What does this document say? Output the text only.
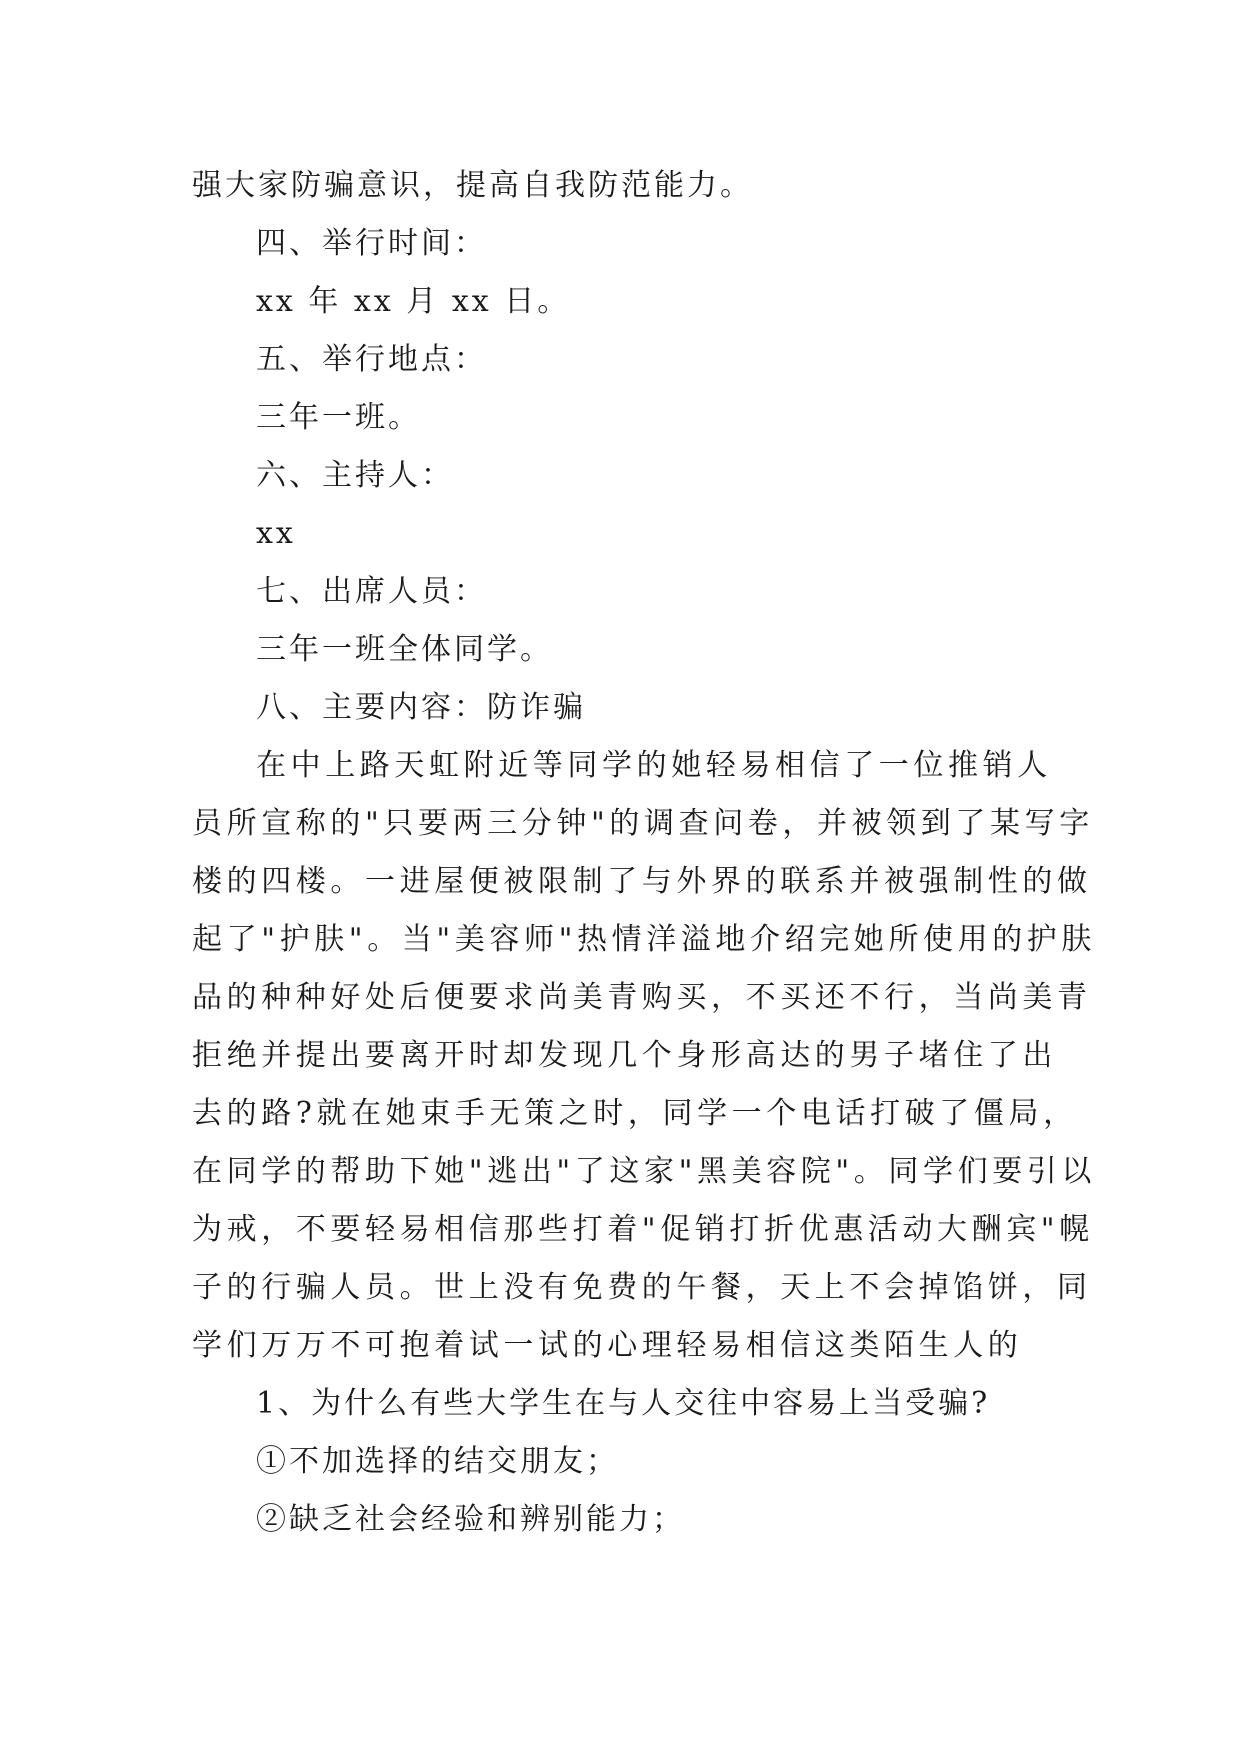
强大家防骗意识，提高自我防范能力。
四、举行时间：
xx 年 xx 月 xx 日。
五、举行地点：
三年一班。
六、主持人：
xx
七、出席人员：
三年一班全体同学。
八、主要内容：防诈骗
在中上路天虹附近等同学的她轻易相信了一位推销人
员所宣称的"只要两三分钟"的调查问卷，并被领到了某写字
楼的四楼。一进屋便被限制了与外界的联系并被强制性的做
起了"护肤"。当"美容师"热情洋溢地介绍完她所使用的护肤
品的种种好处后便要求尚美青购买，不买还不行，当尚美青
拒绝并提出要离开时却发现几个身形高达的男子堵住了出
去的路?就在她束手无策之时，同学一个电话打破了僵局，
在同学的帮助下她"逃出"了这家"黑美容院"。同学们要引以
为戒，不要轻易相信那些打着"促销打折优惠活动大酬宾"幌
子的行骗人员。世上没有免费的午餐，天上不会掉馅饼，同
学们万万不可抱着试一试的心理轻易相信这类陌生人的
1、为什么有些大学生在与人交往中容易上当受骗?
①不加选择的结交朋友；
②缺乏社会经验和辨别能力；
